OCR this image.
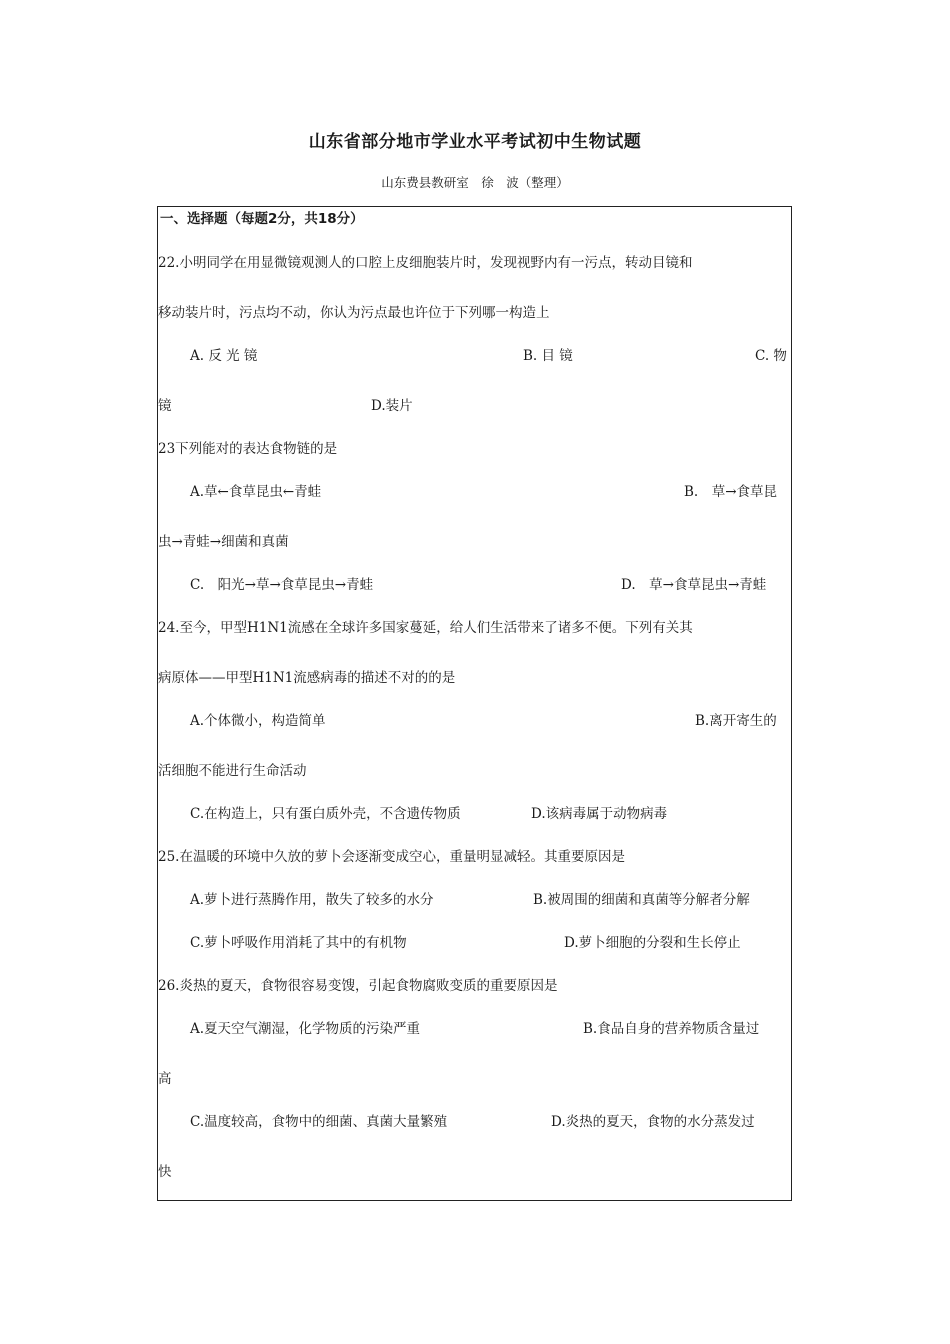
山东省部分地市学业水平考试初中生物试题
山东费县教研室　徐　波（整理）
一、选择题（每题2分，共18分）
22.小明同学在用显微镜观测人的口腔上皮细胞装片时，发现视野内有一污点，转动目镜和
移动装片时，污点均不动，你认为污点最也许位于下列哪一构造上
A. 反 光 镜	B. 目 镜	C. 物
镜	D.装片
23下列能对的表达食物链的是
A.草←食草昆虫←青蛙	B.　草→食草昆
虫→青蛙→细菌和真菌
C.　阳光→草→食草昆虫→青蛙	D.　草→食草昆虫→青蛙
24.至今，甲型H1N1流感在全球许多国家蔓延，给人们生活带来了诸多不便。下列有关其
病原体——甲型H1N1流感病毒的描述不对的的是
A.个体微小，构造简单	B.离开寄生的
活细胞不能进行生命活动
C.在构造上，只有蛋白质外壳，不含遗传物质	D.该病毒属于动物病毒
25.在温暖的环境中久放的萝卜会逐渐变成空心，重量明显减轻。其重要原因是
A.萝卜进行蒸腾作用，散失了较多的水分	B.被周围的细菌和真菌等分解者分解
C.萝卜呼吸作用消耗了其中的有机物	D.萝卜细胞的分裂和生长停止
26.炎热的夏天，食物很容易变馊，引起食物腐败变质的重要原因是
A.夏天空气潮湿，化学物质的污染严重	B.食品自身的营养物质含量过
高
C.温度较高，食物中的细菌、真菌大量繁殖	D.炎热的夏天，食物的水分蒸发过
快
